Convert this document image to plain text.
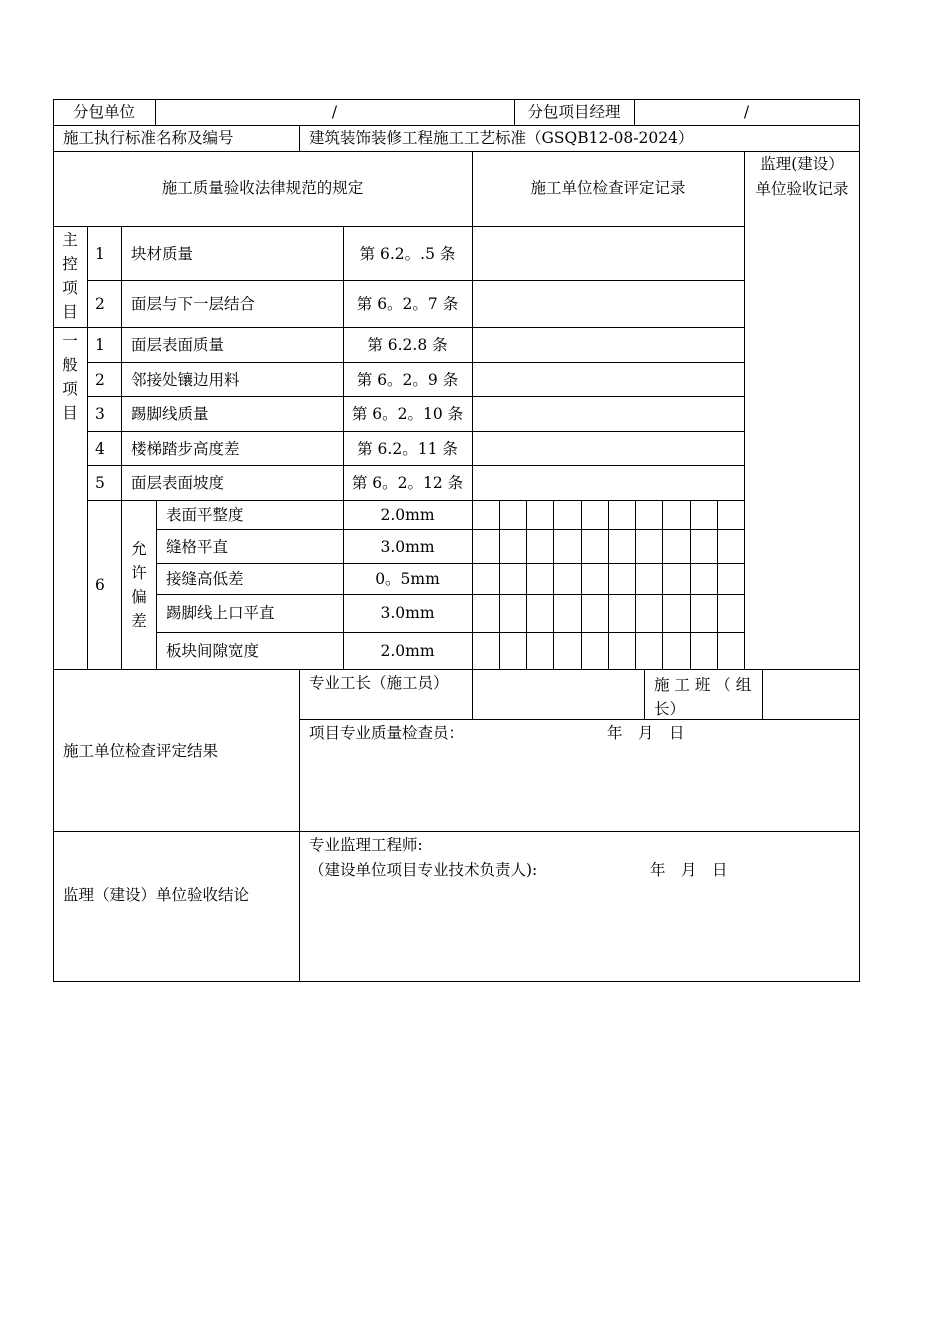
分包单位	/	分包项目经理	/
施工执行标准名称及编号	建筑装饰装修工程施工工艺标准（GSQB12-08-2024）
施工质量验收法律规范的规定	施工单位检查评定记录
监理(建设）单位验收记录
主控项目
1 块材质量	第 6.2。.5 条
2 面层与下一层结合	第 6。2。7 条
一般项目
1 面层表面质量	第 6.2.8 条
2 邻接处镶边用料	第 6。2。9 条
3 踢脚线质量	第 6。2。10 条
4 楼梯踏步高度差	第 6.2。11 条
5 面层表面坡度	第 6。2。12 条
6
允许偏差
表面平整度	2.0mm
缝格平直	3.0mm
接缝高低差	0。5mm
踢脚线上口平直	3.0mm
板块间隙宽度	2.0mm
施工单位检查评定结果
专业工长（施工员）	施 工 班 （ 组 长）
项目专业质量检查员：	年　月　日
监理（建设）单位验收结论
专业监理工程师:
（建设单位项目专业技术负责人):	年　月　日
